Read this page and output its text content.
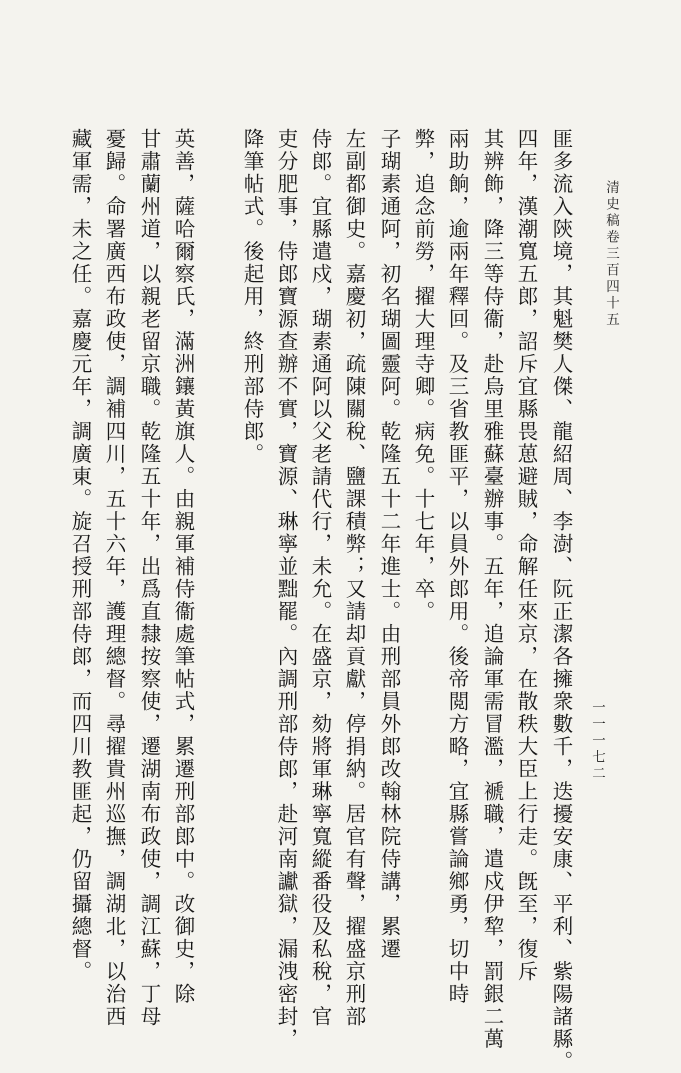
清史稿卷三百四十五
一一一七二
匪多流入陝境，其魁樊人傑、龍紹周、李澍、阮正潔各擁衆數千，迭擾安康、平利、紫陽諸縣。
四年，漢潮寬五郎，詔斥宜縣畏葸避賊，命解任來京，在散秩大臣上行走。旣至，復斥
其辨飾，降三等侍衞，赴烏里雅蘇臺辦事。五年，追論軍需冒濫，褫職，遣戍伊犂，罰銀二萬
兩助餉，逾兩年釋回。及三省教匪平，以員外郎用。後帝閲方略，宜縣嘗論鄉勇，切中時
弊，追念前勞，擢大理寺卿。病免。十七年，卒。
子瑚素通阿，初名瑚圖靈阿。乾隆五十二年進士。由刑部員外郎改翰林院侍講，累遷
左副都御史。嘉慶初，疏陳關稅、鹽課積弊；又請却貢獻，停捐納。居官有聲，擢盛京刑部
侍郎。宜縣遣戍，瑚素通阿以父老請代行，未允。在盛京，劾將軍琳寧寬縱番役及私稅，官
吏分肥事，侍郎寶源查辦不實，寶源、琳寧並黜罷。內調刑部侍郎，赴河南讞獄，漏洩密封，
降筆帖式。後起用，終刑部侍郎。
英善，薩哈爾察氏，滿洲鑲黃旗人。由親軍補侍衞處筆帖式，累遷刑部郎中。改御史，除
甘肅蘭州道，以親老留京職。乾隆五十年，出爲直隸按察使，遷湖南布政使，調江蘇，丁母
憂歸。命署廣西布政使，調補四川，五十六年，護理總督。尋擢貴州巡撫，調湖北，以治西
藏軍需，未之任。嘉慶元年，調廣東。旋召授刑部侍郎，而四川教匪起，仍留攝總督。
